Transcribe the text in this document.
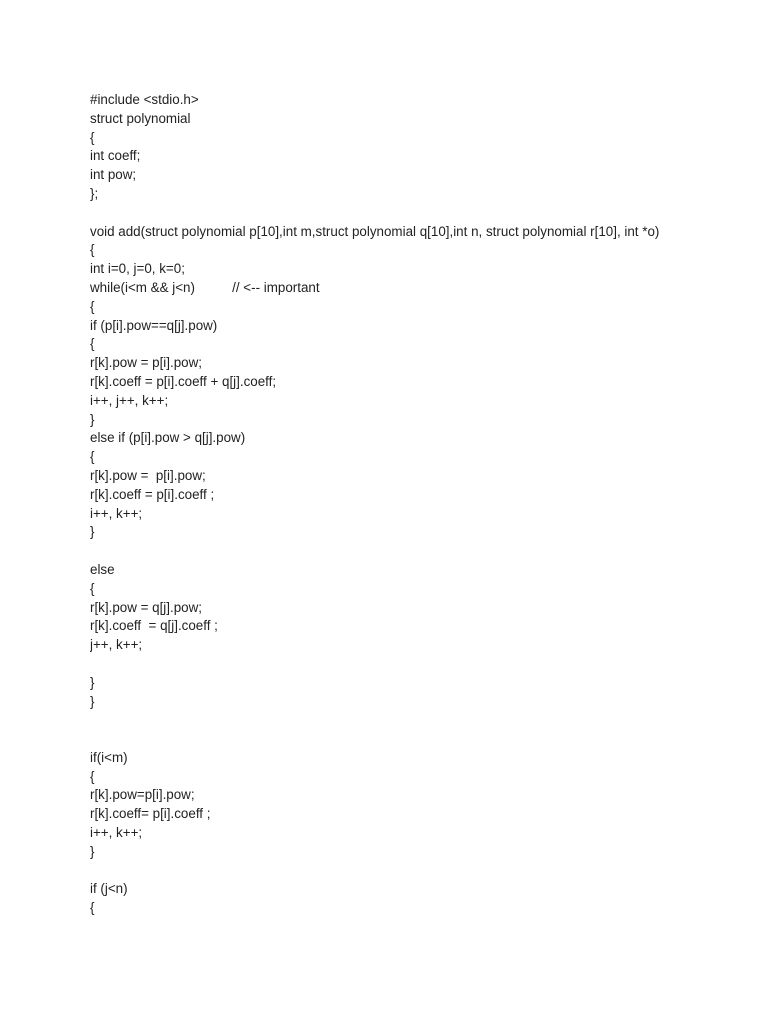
#include <stdio.h>
struct polynomial
{
int coeff;
int pow;
};
void add(struct polynomial p[10],int m,struct polynomial q[10],int n, struct polynomial r[10], int *o)
{
int i=0, j=0, k=0;
while(i<m && j<n)          // <-- important
{
if (p[i].pow==q[j].pow)
{
r[k].pow = p[i].pow;
r[k].coeff = p[i].coeff + q[j].coeff;
i++, j++, k++;
}
else if (p[i].pow > q[j].pow)
{
r[k].pow =  p[i].pow;
r[k].coeff = p[i].coeff ;
i++, k++;
}
else
{
r[k].pow = q[j].pow;
r[k].coeff  = q[j].coeff ;
j++, k++;
}
}
if(i<m)
{
r[k].pow=p[i].pow;
r[k].coeff= p[i].coeff ;
i++, k++;
}
if (j<n)
{
